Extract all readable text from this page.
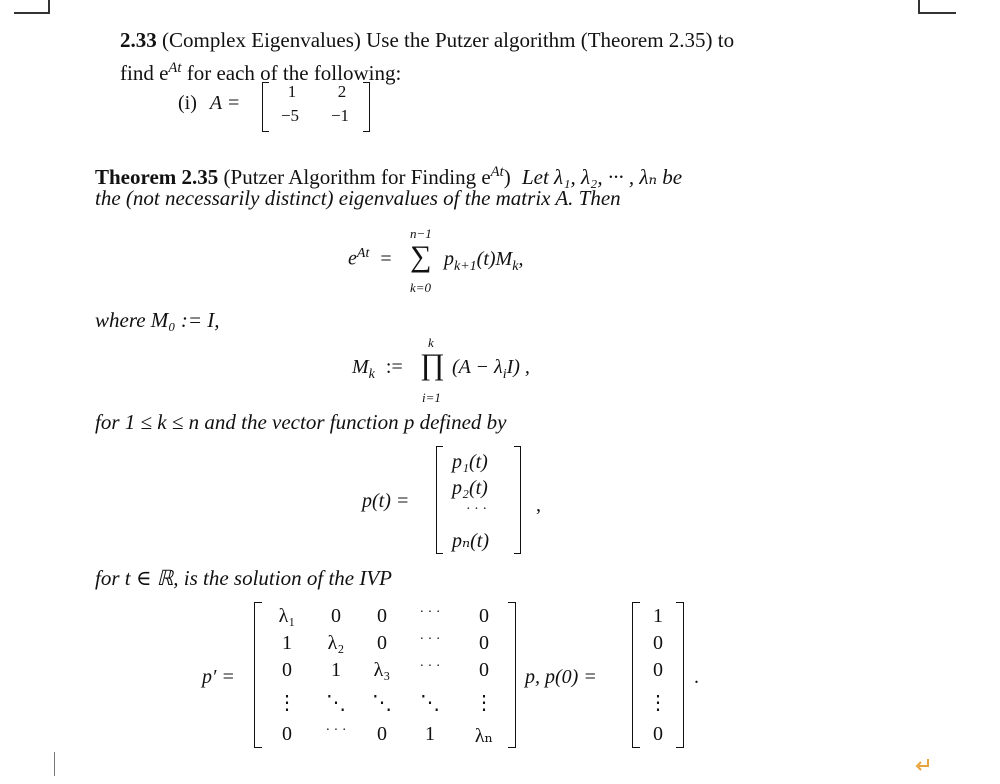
2.33 (Complex Eigenvalues) Use the Putzer algorithm (Theorem 2.35) to
find $e^{At}$ for each of the following:
(i) A =
1	2
−5	−1
Theorem 2.35 (Putzer Algorithm for Finding $e^{At}$) Let λ₁, λ₂, ··· , λₙ be
the (not necessarily distinct) eigenvalues of the matrix A. Then
$e^{At}$ =
n−1
∑
k=0
$p_{k+1}(t)M_k$,
where M₀ := I,
$M_k$ :=
k
∏
i=1
$(A - \lambda_iI)$ ,
for 1 ≤ k ≤ n and the vector function p defined by
p(t) =
p₁(t)
p₂(t)
· · ·
pₙ(t)
,
for t ∈ ℝ, is the solution of the IVP
p′ =
λ₁	0	0	· · ·	0
1	λ₂	0	· · ·	0
0	1	λ₃	· · ·	0
⋮	⋱	⋱	⋱	⋮
0	· · ·	0	1	λₙ
p, p(0) =
1
0
0
⋮
0
.
